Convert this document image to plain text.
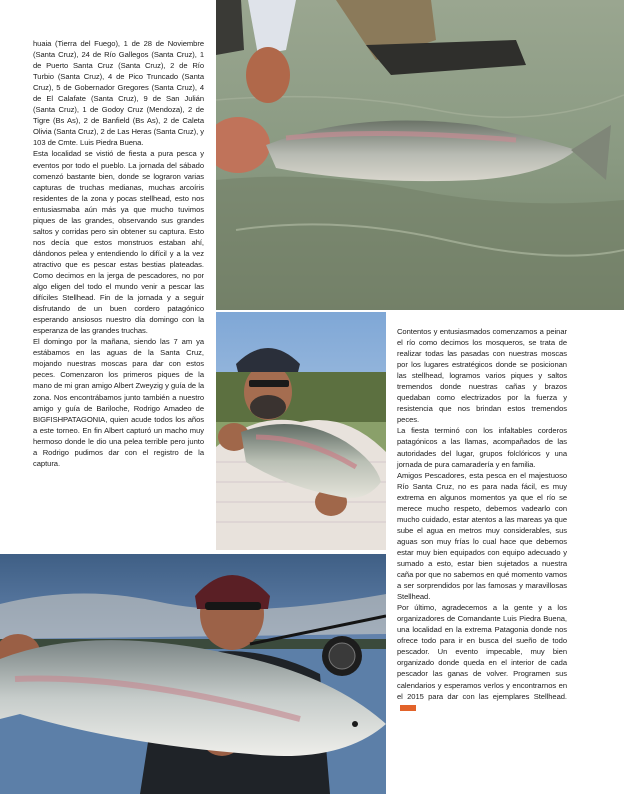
huaia (Tierra del Fuego), 1 de 28 de Noviembre (Santa Cruz), 24 de Río Gallegos (Santa Cruz), 1 de Puerto Santa Cruz (Santa Cruz), 2 de Río Turbio (Santa Cruz), 4 de Pico Truncado (Santa Cruz), 5 de Gobernador Gregores (Santa Cruz), 4 de El Calafate (Santa Cruz), 9 de San Julián (Santa Cruz), 1 de Godoy Cruz (Mendoza), 2 de Tigre (Bs As), 2 de Banfield (Bs As), 2 de Caleta Olivia (Santa Cruz), 2 de Las Heras (Santa Cruz), y 103 de Cmte. Luis Piedra Buena.

Esta localidad se vistió de fiesta a pura pesca y eventos por todo el pueblo. La jornada del sábado comenzó bastante bien, donde se lograron varias capturas de truchas medianas, muchas arcoíris residentes de la zona y pocas stellhead, esto nos entusiasmaba aún más ya que mucho tuvimos piques de las grandes, observando sus grandes saltos y corridas pero sin obtener su captura. Esto nos decía que estos monstruos estaban ahí, dándonos pelea y entendiendo lo difícil y a la vez atractivo que es pescar estas bestias plateadas. Como decimos en la jerga de pescadores, no por algo eligen del todo el mundo venir a pescar las difíciles Stellhead. Fin de la jornada y a seguir disfrutando de un buen cordero patagónico esperando ansiosos nuestro día domingo con la esperanza de las grandes truchas.

El domingo por la mañana, siendo las 7 am ya estábamos en las aguas de la Santa Cruz, mojando nuestras moscas para dar con estos peces. Comenzaron los primeros piques de la mano de mi gran amigo Albert Zweyzig y guía de la zona. Nos encontrábamos junto también a nuestro amigo y guía de Bariloche, Rodrigo Amadeo de BIGFISHPATAGONIA, quien acude todos los años a este torneo. En fin Albert capturó un macho muy hermoso donde le dio una pelea terrible pero junto a Rodrigo pudimos dar con el registro de la captura.

Contentos y entusiasmados comenzamos a peinar el río como decimos los mosqueros, se trata de realizar todas las pasadas con nuestras moscas por los lugares estratégicos donde se posicionan las stellhead, logramos varios piques y saltos tremendos donde nuestras cañas y brazos quedaban como electrizados por la fuerza y resistencia que nos brindan estos tremendos peces.

La fiesta terminó con los infaltables corderos patagónicos a las llamas, acompañados de las autoridades del lugar, grupos folclóricos y una jornada de pura camaradería y en familia.

Amigos Pescadores, esta pesca en el majestuoso Río Santa Cruz, no es para nada fácil, es muy extrema en algunos momentos ya que el río se merece mucho respeto, debemos vadearlo con mucho cuidado, estar atentos a las mareas ya que sube el agua en metros muy considerables, sus aguas son muy frías lo cual hace que debemos estar muy bien equipados con equipo adecuado y sumado a esto, estar bien sujetados a nuestra caña por que no sabemos en qué momento vamos a ser sorprendidos por las famosas y maravillosas Stellhead.

Por último, agradecemos a la gente y a los organizadores de Comandante Luis Piedra Buena, una localidad en la extrema Patagonia donde nos ofrece todo para ir en busca del sueño de todo pescador. Un evento impecable, muy bien organizado donde queda en el interior de cada pescador las ganas de volver. Programen sus calendarios y esperamos verlos y encontrarnos en el 2015 para dar con las ejemplares Stellhead.
